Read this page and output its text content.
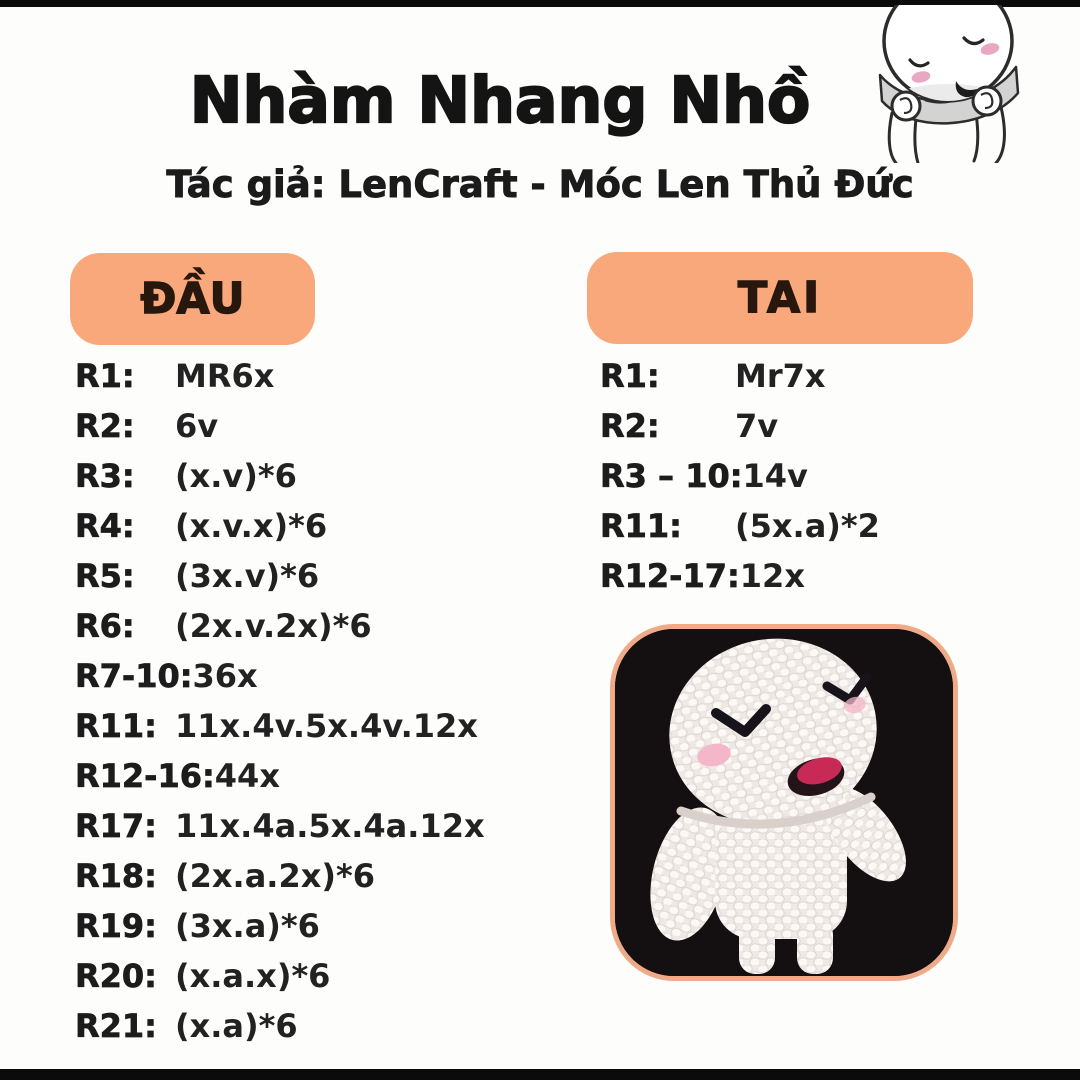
Nhàm Nhang Nhồ
Tác giả: LenCraft - Móc Len Thủ Đức
ĐẦU	TAI
R1:	MR6x
R2:	6v
R3:	(x.v)*6
R4:	(x.v.x)*6
R5:	(3x.v)*6
R6:	(2x.v.2x)*6
R7-10: 36x
R11: 11x.4v.5x.4v.12x
R12-16: 44x
R17: 11x.4a.5x.4a.12x
R18: (2x.a.2x)*6
R19: (3x.a)*6
R20: (x.a.x)*6
R21: (x.a)*6
R1:	Mr7x
R2:	7v
R3 – 10: 14v
R11:	(5x.a)*2
R12-17: 12x
